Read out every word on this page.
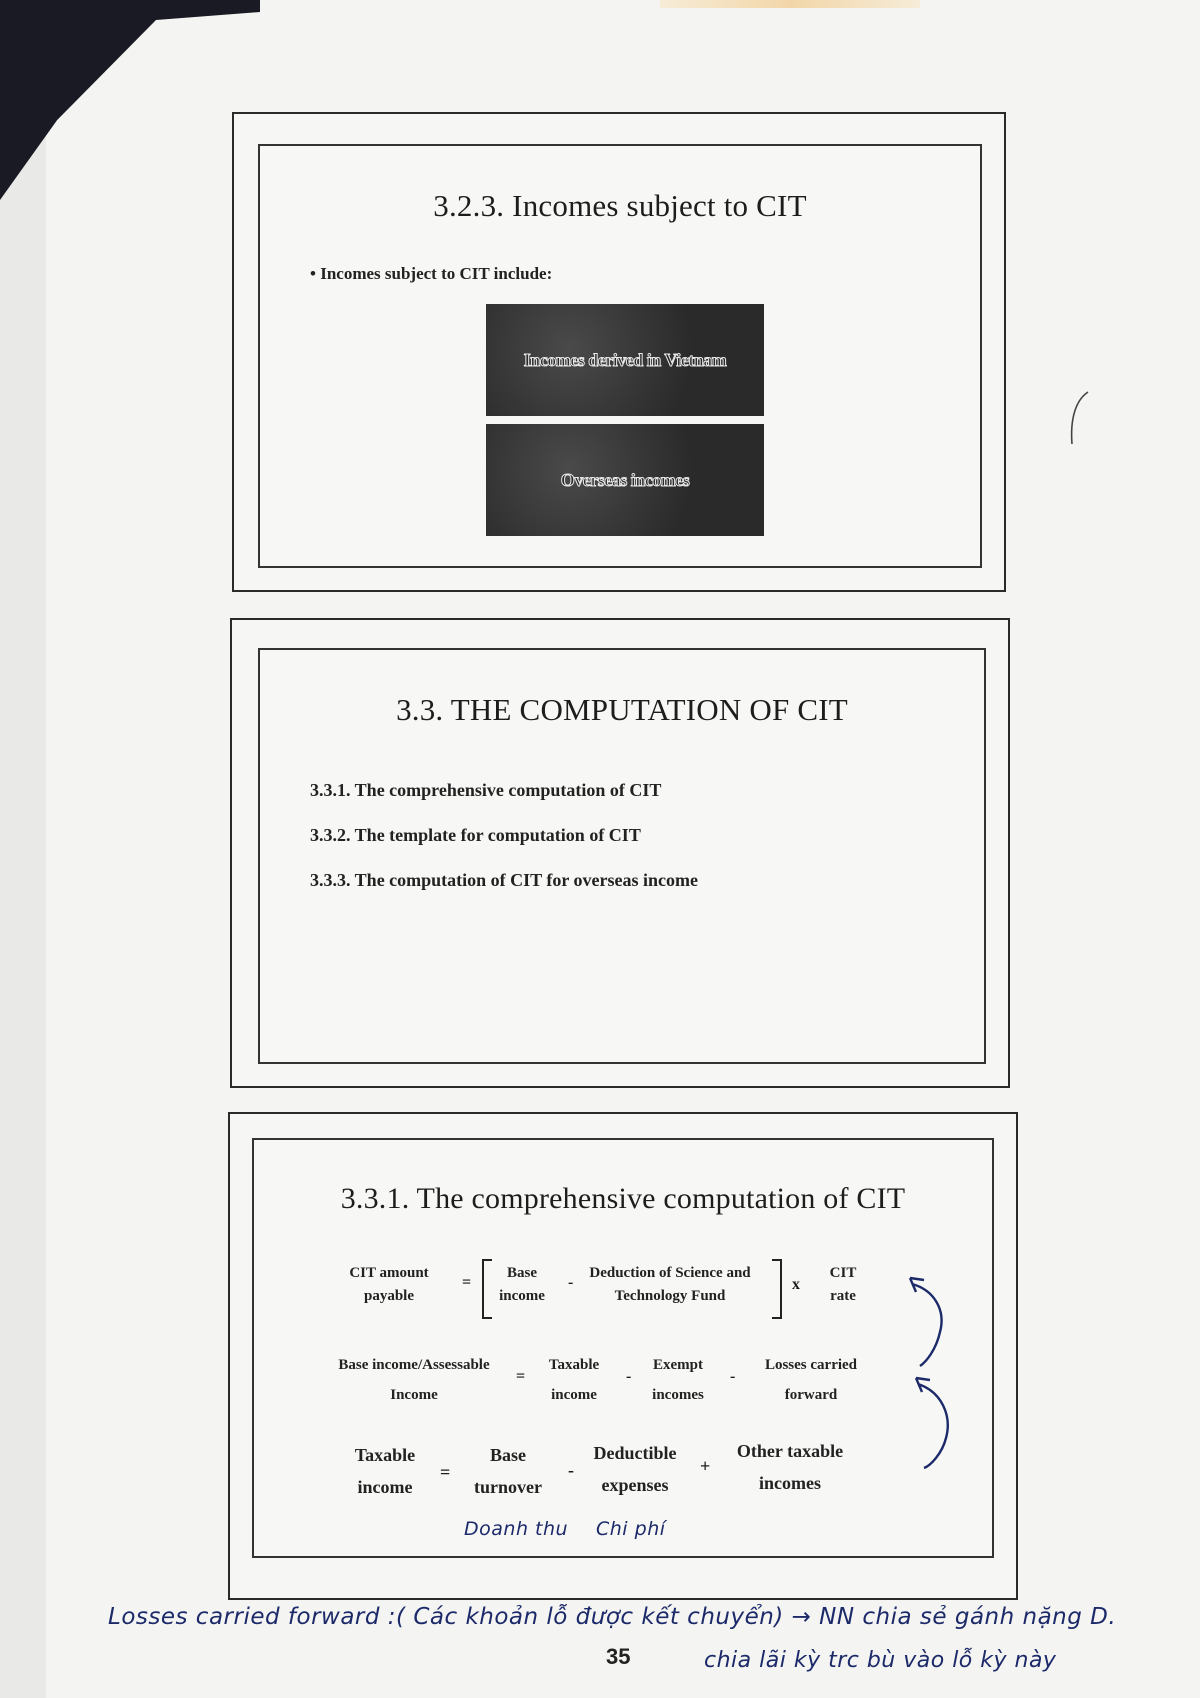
3.2.3. Incomes subject to CIT
• Incomes subject to CIT include:
Incomes derived in Vietnam
Overseas incomes
3.3. THE COMPUTATION OF CIT
3.3.1. The comprehensive computation of CIT
3.3.2. The template for computation of CIT
3.3.3. The computation of CIT for overseas income
3.3.1. The comprehensive computation of CIT
CIT amount
payable
=
Base
income
-
Deduction of Science and
Technology Fund
x
CIT
rate
Base income/Assessable
Income
=
Taxable
income
-
Exempt
incomes
-
Losses carried
forward
Taxable
income
=
Base
turnover
-
Deductible
expenses
+
Other taxable
incomes
Doanh thu Chi phí
Losses carried forward :( Các khoản lỗ được kết chuyển) → NN chia sẻ gánh nặng D.
chia lãi kỳ trc bù vào lỗ kỳ này
35
